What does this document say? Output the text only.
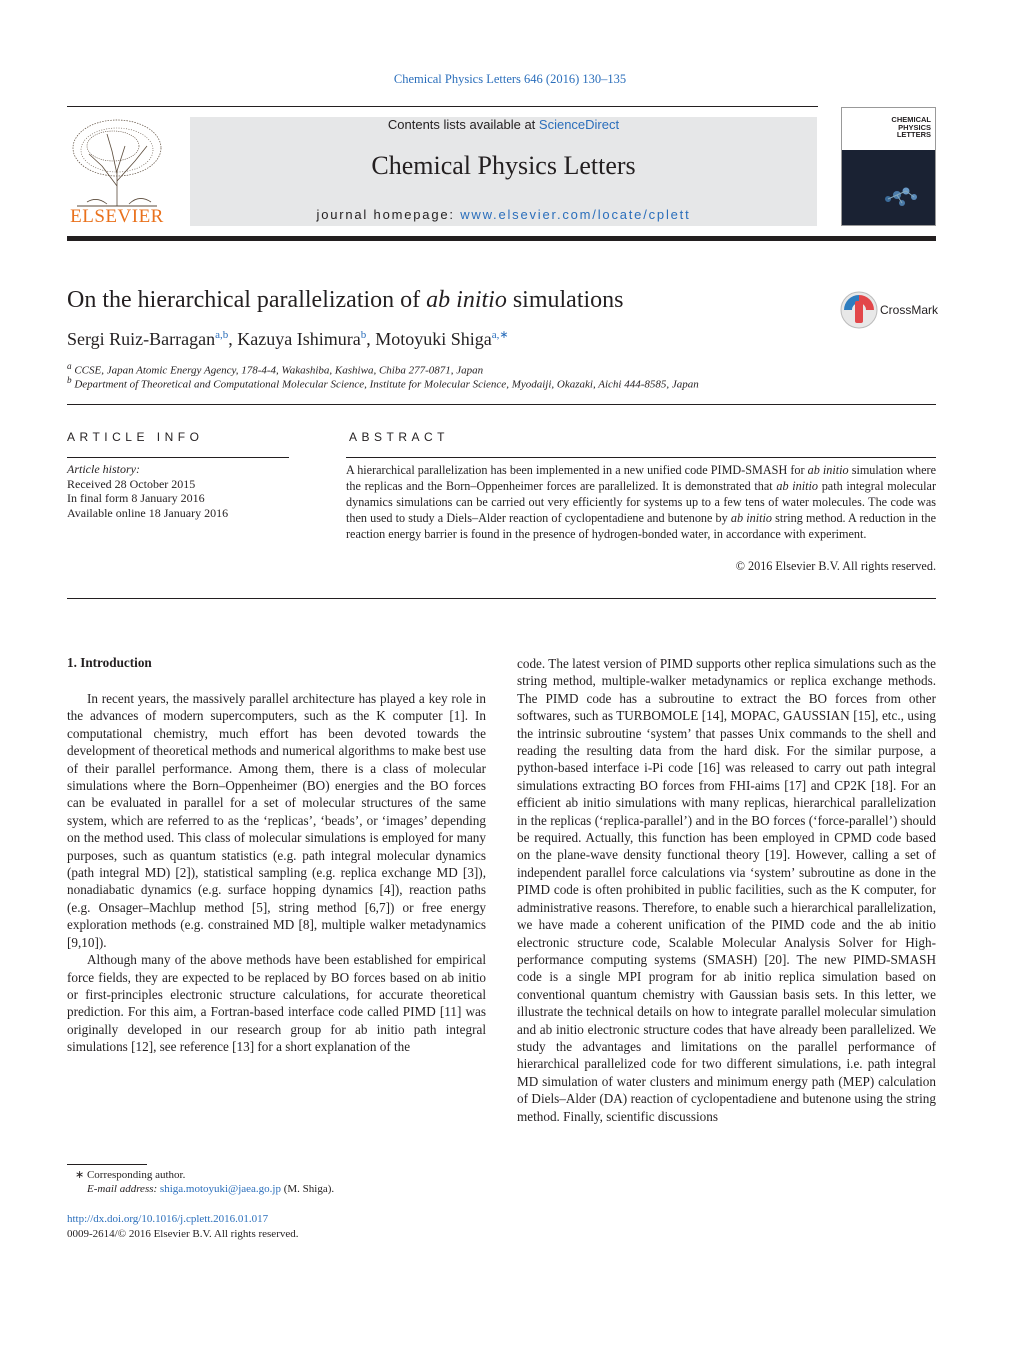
Chemical Physics Letters 646 (2016) 130–135
ELSEVIER
Contents lists available at ScienceDirect
Chemical Physics Letters
journal homepage: www.elsevier.com/locate/cplett
CHEMICAL
PHYSICS
LETTERS
On the hierarchical parallelization of ab initio simulations	CrossMark
Sergi Ruiz-Barragan$^{a,b}$, Kazuya Ishimura$^b$, Motoyuki Shiga$^{a,∗}$
$^a$ CCSE, Japan Atomic Energy Agency, 178-4-4, Wakashiba, Kashiwa, Chiba 277-0871, Japan
$^b$ Department of Theoretical and Computational Molecular Science, Institute for Molecular Science, Myodaiji, Okazaki, Aichi 444-8585, Japan
ARTICLE INFO
Article history:
Received 28 October 2015
In final form 8 January 2016
Available online 18 January 2016
ABSTRACT
A hierarchical parallelization has been implemented in a new unified code PIMD-SMASH for ab initio simulation where the replicas and the Born–Oppenheimer forces are parallelized. It is demonstrated that ab initio path integral molecular dynamics simulations can be carried out very efficiently for systems up to a few tens of water molecules. The code was then used to study a Diels–Alder reaction of cyclopentadiene and butenone by ab initio string method. A reduction in the reaction energy barrier is found in the presence of hydrogen-bonded water, in accordance with experiment.
© 2016 Elsevier B.V. All rights reserved.
1. Introduction

In recent years, the massively parallel architecture has played a key role in the advances of modern supercomputers, such as the K computer [1]. In computational chemistry, much effort has been devoted towards the development of theoretical methods and numerical algorithms to make best use of their parallel performance. Among them, there is a class of molecular simulations where the Born–Oppenheimer (BO) energies and the BO forces can be evaluated in parallel for a set of molecular structures of the same system, which are referred to as the ‘replicas’, ‘beads’, or ‘images’ depending on the method used. This class of molecular simulations is employed for many purposes, such as quantum statistics (e.g. path integral molecular dynamics (path integral MD) [2]), statistical sampling (e.g. replica exchange MD [3]), nonadiabatic dynamics (e.g. surface hopping dynamics [4]), reaction paths (e.g. Onsager–Machlup method [5], string method [6,7]) or free energy exploration methods (e.g. constrained MD [8], multiple walker metadynamics [9,10]).

Although many of the above methods have been established for empirical force fields, they are expected to be replaced by BO forces based on ab initio or first-principles electronic structure calculations, for accurate theoretical prediction. For this aim, a Fortran-based interface code called PIMD [11] was originally developed in our research group for ab initio path integral simulations [12], see reference [13] for a short explanation of the

code. The latest version of PIMD supports other replica simulations such as the string method, multiple-walker metadynamics or replica exchange methods. The PIMD code has a subroutine to extract the BO forces from other softwares, such as TURBOMOLE [14], MOPAC, GAUSSIAN [15], etc., using the intrinsic subroutine ‘system’ that passes Unix commands to the shell and reading the resulting data from the hard disk. For the similar purpose, a python-based interface i-Pi code [16] was released to carry out path integral simulations extracting BO forces from FHI-aims [17] and CP2K [18]. For an efficient ab initio simulations with many replicas, hierarchical parallelization in the replicas (‘replica-parallel’) and in the BO forces (‘force-parallel’) should be required. Actually, this function has been employed in CPMD code based on the plane-wave density functional theory [19]. However, calling a set of independent parallel force calculations via ‘system’ subroutine as done in the PIMD code is often prohibited in public facilities, such as the K computer, for administrative reasons. Therefore, to enable such a hierarchical parallelization, we have made a coherent unification of the PIMD code and the ab initio electronic structure code, Scalable Molecular Analysis Solver for High-performance computing systems (SMASH) [20]. The new PIMD-SMASH code is a single MPI program for ab initio replica simulation based on conventional quantum chemistry with Gaussian basis sets. In this letter, we illustrate the technical details on how to integrate parallel molecular simulation and ab initio electronic structure codes that have already been parallelized. We study the advantages and limitations on the parallel performance of hierarchical parallelized code for two different simulations, i.e. path integral MD simulation of water clusters and minimum energy path (MEP) calculation of Diels–Alder (DA) reaction of cyclopentadiene and butenone using the string method. Finally, scientific discussions

∗ Corresponding author.
E-mail address: shiga.motoyuki@jaea.go.jp (M. Shiga).
http://dx.doi.org/10.1016/j.cplett.2016.01.017
0009-2614/© 2016 Elsevier B.V. All rights reserved.
